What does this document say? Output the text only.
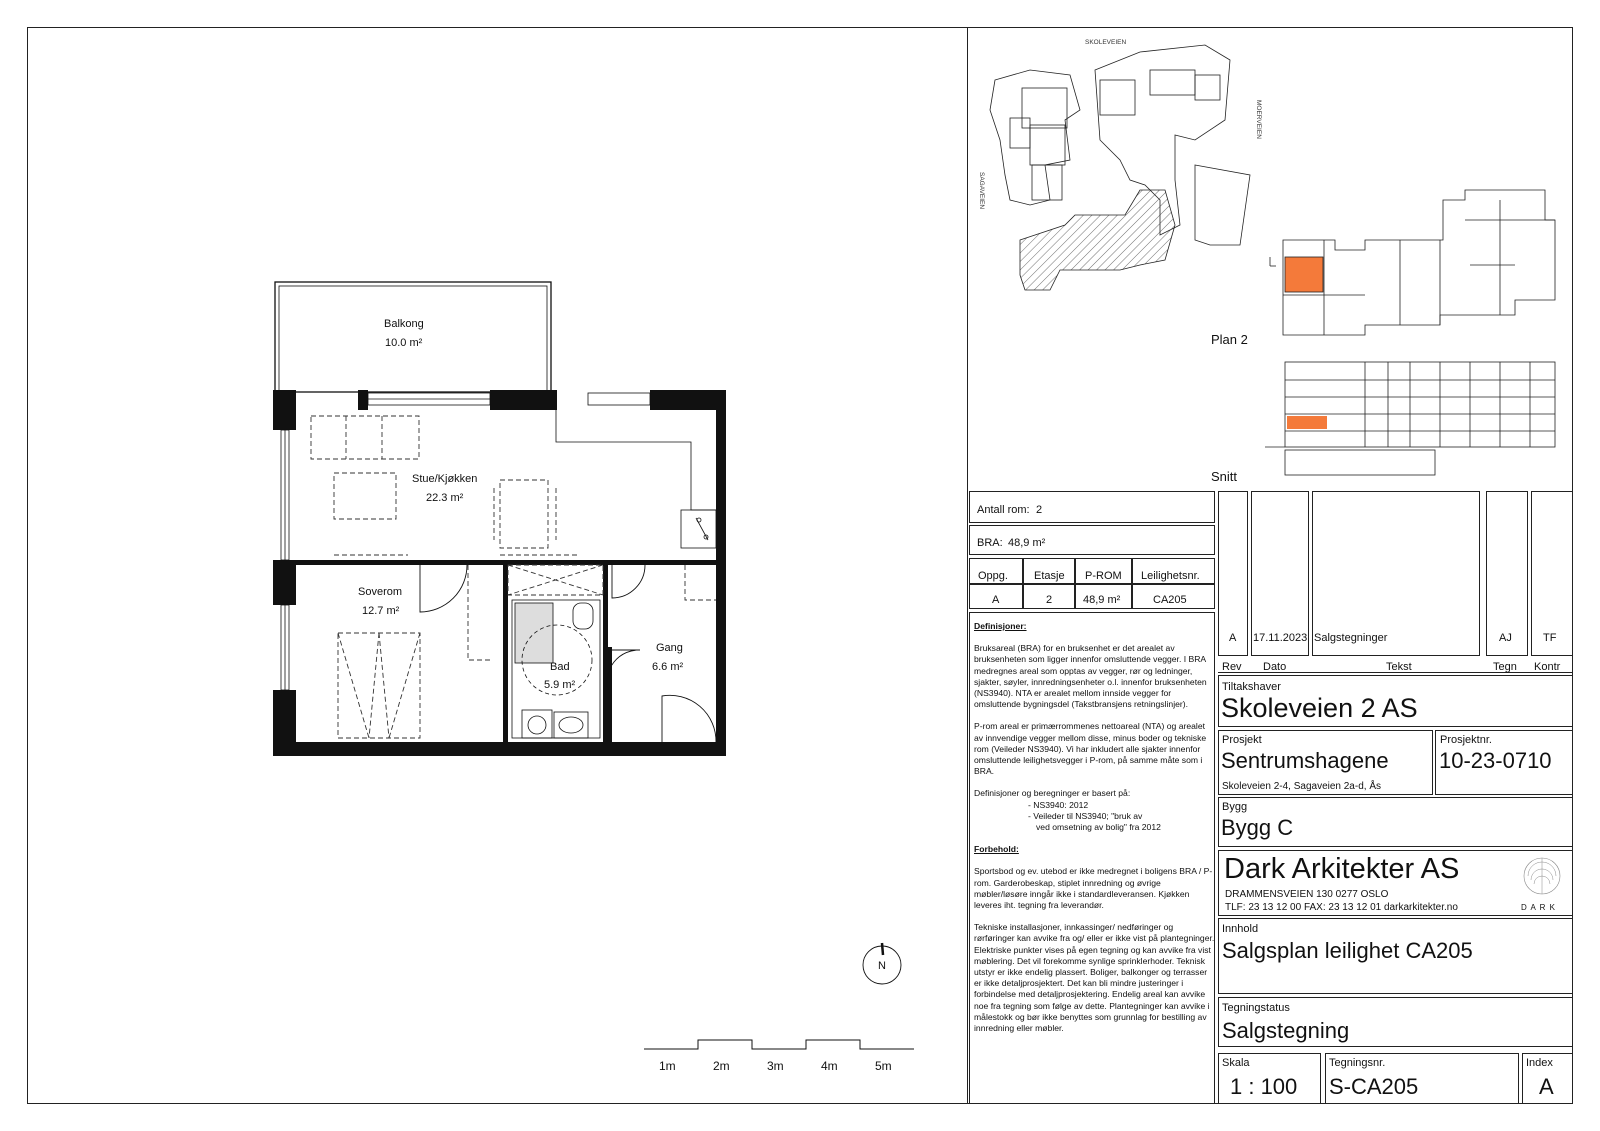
Balkong
10.0 m²
Stue/Kjøkken
22.3 m²
Soverom
12.7 m²
Bad
5.9 m²
Gang
6.6 m²
N
1m	2m	3m	4m	5m
SKOLEVEIEN
MOERVEIEN
SAGAVEIEN
Plan 2
Snitt
Antall rom: 2
BRA: 48,9 m²
Oppg. Etasje P-ROM Leilighetsnr.
A	2	48,9 m²	CA205

Definisjoner:

Bruksareal (BRA) for en bruksenhet er det arealet av bruksenheten som ligger innenfor omsluttende vegger. I BRA medregnes areal som opptas av vegger, rør og ledninger, sjakter, søyler, innredningsenheter o.l. innenfor bruksenheten (NS3940). NTA er arealet mellom innside vegger for omsluttende bygningsdel (Takstbransjens retningslinjer).

P-rom areal er primærrommenes nettoareal (NTA) og arealet av innvendige vegger mellom disse, minus boder og tekniske rom (Veileder NS3940). Vi har inkludert alle sjakter innenfor omsluttende leilighetsvegger i P-rom, på samme måte som i BRA.

Definisjoner og beregninger er basert på:

- NS3940: 2012
- Veileder til NS3940; "bruk av
ved omsetning av bolig" fra 2012

Forbehold:

Sportsbod og ev. utebod er ikke medregnet i boligens BRA / P-rom. Garderobeskap, stiplet innredning og øvrige møbler/løsøre inngår ikke i standardleveransen. Kjøkken leveres iht. tegning fra leverandør.

Tekniske installasjoner, innkassinger/ nedføringer og rørføringer kan avvike fra og/ eller er ikke vist på plantegninger. Elektriske punkter vises på egen tegning og kan avvike fra vist møblering. Det vil forekomme synlige sprinklerhoder. Teknisk utstyr er ikke endelig plassert. Boliger, balkonger og terrasser er ikke detaljprosjektert. Det kan bli mindre justeringer i forbindelse med detaljprosjektering. Endelig areal kan avvike noe fra tegning som følge av dette. Plantegninger kan avvike i målestokk og bør ikke benyttes som grunnlag for bestilling av innredning eller møbler.

A 17.11.2023 Salgstegninger	AJ	TF
Rev Dato	Tekst	Tegn Kontr
Tiltakshaver
Skoleveien 2 AS
Prosjekt
Sentrumshagene
Skoleveien 2-4, Sagaveien 2a-d, Ås
Prosjektnr.
10-23-0710
Bygg
Bygg C
Dark Arkitekter AS
DRAMMENSVEIEN 130 0277 OSLO
TLF: 23 13 12 00 FAX: 23 13 12 01 darkarkitekter.no	D A R K
Innhold
Salgsplan leilighet CA205
Tegningstatus
Salgstegning
Skala
1 : 100
Tegningsnr.
S-CA205
Index
A
